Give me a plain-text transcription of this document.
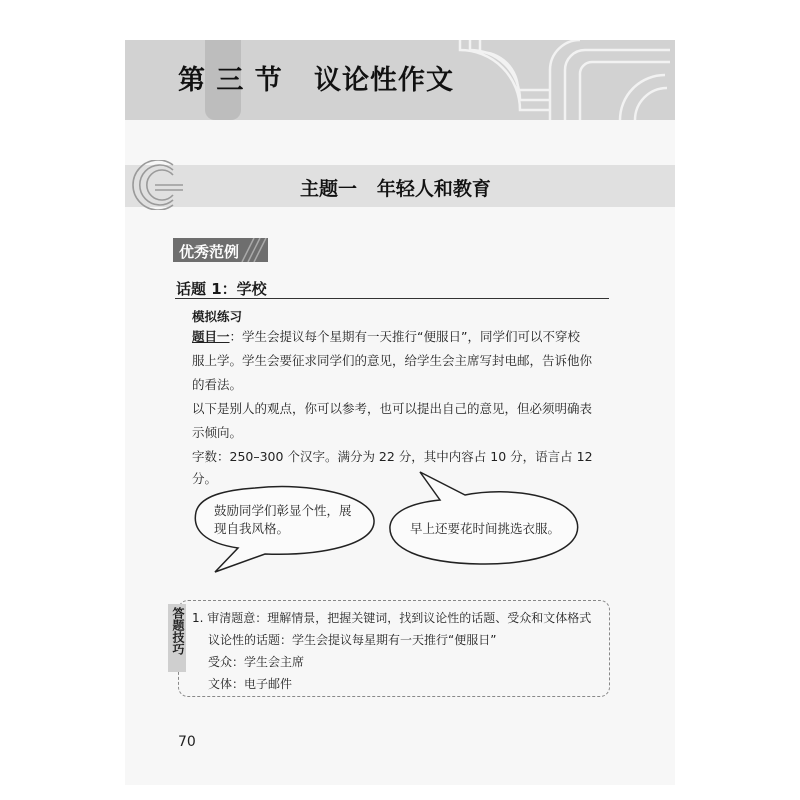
第 三 节   议论性作文
主题一   年轻人和教育
优秀范例
话题 1：学校
模拟练习
题目一：学生会提议每个星期有一天推行“便服日”，同学们可以不穿校
服上学。学生会要征求同学们的意见，给学生会主席写封电邮，告诉他你
的看法。
以下是别人的观点，你可以参考，也可以提出自己的意见，但必须明确表
示倾向。
字数：250–300 个汉字。满分为 22 分，其中内容占 10 分，语言占 12 分。
鼓励同学们彰显个性，展
现自我风格。	早上还要花时间挑选衣服。
答题技巧 1. 审清题意：理解情景，把握关键词，找到议论性的话题、受众和文体格式
议论性的话题：学生会提议每星期有一天推行“便服日”
受众：学生会主席
文体：电子邮件
70
